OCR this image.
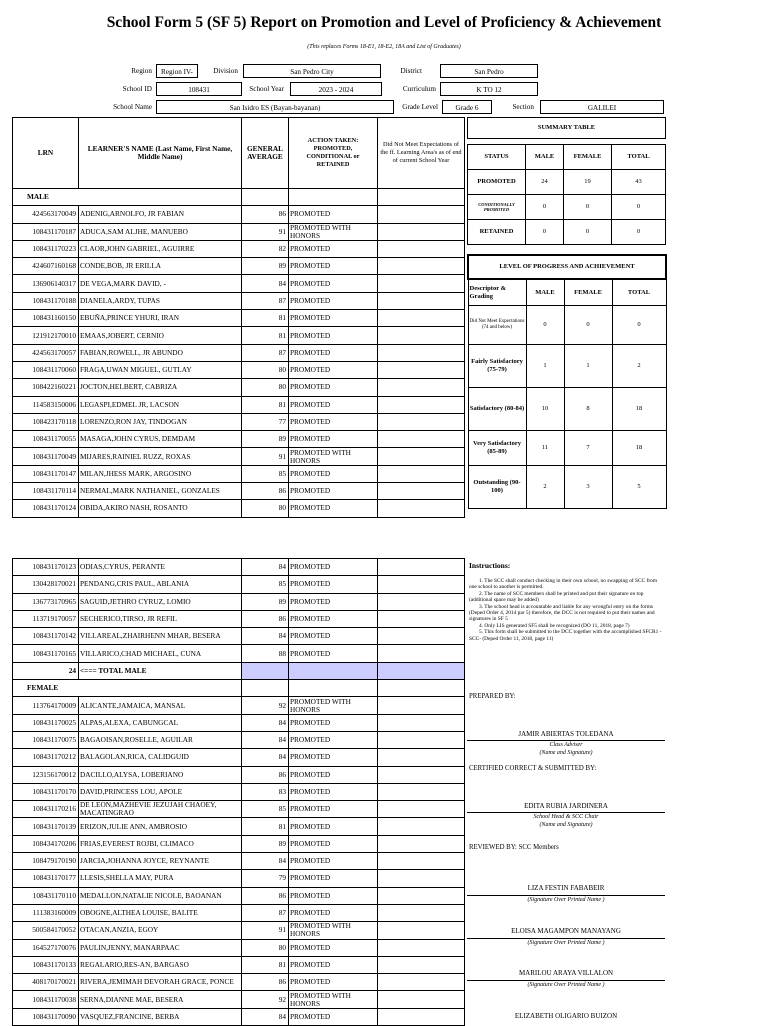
School Form 5 (SF 5) Report on Promotion and Level of Proficiency & Achievement
(This replaces Forms 18-E1, 18-E2, 18A and List of Graduates)
Region	Region IV-	Division	San Pedro City	District	San Pedro
School ID	108431	School Year	2023 - 2024	Curriculum	K TO 12
School Name	San Isidro ES (Bayan-bayanan)	Grade Level	Grade 6	Section	GALILEI
LRN	LEARNER'S NAME (Last Name, First Name, Middle Name)	GENERAL AVERAGE	ACTION TAKEN: PROMOTED, CONDITIONAL or RETAINED	Did Not Meet Expectations of the ff. Learning Area/s as of end of current School Year
MALE				
424563170049	ADENIG,ARNOLFO, JR FABIAN	86	PROMOTED	
108431170187	ADUCA,SAM ALJHE, MANUEBO	91	PROMOTED WITH HONORS	
108431170223	CLAOR,JOHN GABRIEL, AGUIRRE	82	PROMOTED	
424607160168	CONDE,BOB, JR ERILLA	89	PROMOTED	
136906140317	DE VEGA,MARK DAVID, -	84	PROMOTED	
108431170188	DIANELA,ARDY, TUPAS	87	PROMOTED	
108431160150	EBUÑA,PRINCE YHURI, IRAN	81	PROMOTED	
121912170010	EMAAS,JOBERT, CERNIO	81	PROMOTED	
424563170057	FABIAN,ROWELL, JR ABUNDO	87	PROMOTED	
108431170060	FRAGA,UWAN MIGUEL, GUTLAY	80	PROMOTED	
108422160221	JOCTON,HELBERT, CABRIZA	80	PROMOTED	
114583150006	LEGASPI,EDMEL JR, LACSON	81	PROMOTED	
108423170118	LORENZO,RON JAY, TINDOGAN	77	PROMOTED	
108431170055	MASAGA,JOHN CYRUS, DEMDAM	89	PROMOTED	
108431170049	MIJARES,RAINIEL RUZZ, ROXAS	91	PROMOTED WITH HONORS	
108431170147	MILAN,JHESS MARK, ARGOSINO	85	PROMOTED	
108431170114	NERMAL,MARK NATHANIEL, GONZALES	86	PROMOTED	
108431170124	OBIDA,AKIRO NASH, ROSANTO	80	PROMOTED	
108431170123	ODIAS,CYRUS, PERANTE	84	PROMOTED	
130428170021	PENDANG,CRIS PAUL, ABLANIA	85	PROMOTED	
136773170965	SAGUID,JETHRO CYRUZ, LOMIO	89	PROMOTED	
113719170057	SECHERICO,TIRSO, JR REFIL	86	PROMOTED	
108431170142	VILLAREAL,ZHAIRHENN MHAR, BESERA	84	PROMOTED	
108431170165	VILLARICO,CHAD MICHAEL, CUNA	88	PROMOTED	
24	<=== TOTAL MALE			
FEMALE				
113764170009	ALICANTE,JAMAICA, MANSAL	92	PROMOTED WITH HONORS	
108431170025	ALPAS,ALEXA, CABUNGCAL	84	PROMOTED	
108431170075	BAGAOISAN,ROSELLE, AGUILAR	84	PROMOTED	
108431170212	BALAGOLAN,RICA, CALIDGUID	84	PROMOTED	
123156170012	DACILLO,ALYSA, LOBERIANO	86	PROMOTED	
108431170170	DAVID,PRINCESS LOU, APOLE	83	PROMOTED	
108431170216	DE LEON,MAZHEVIE JEZUJAH CHAOEY, MACATINGRAO	85	PROMOTED	
108431170139	ERIZON,JULIE ANN, AMBROSIO	81	PROMOTED	
108434170206	FRIAS,EVEREST ROJBI, CLIMACO	89	PROMOTED	
108479170190	JARCIA,JOHANNA JOYCE, REYNANTE	84	PROMOTED	
108431170177	LLESIS,SHELLA MAY, PURA	79	PROMOTED	
108431170110	MEDALLON,NATALIE NICOLE, BAOANAN	86	PROMOTED	
111383160009	OBOGNE,ALTHEA LOUISE, BALITE	87	PROMOTED	
500584170052	OTACAN,ANZIA, EGOY	91	PROMOTED WITH HONORS	
164527170076	PAULIN,JENNY, MANARPAAC	80	PROMOTED	
108431170133	REGALARIO,RES-AN, BARGASO	81	PROMOTED	
408170170021	RIVERA,JEMIMAH DEVORAH GRACE, PONCE	86	PROMOTED	
108431170038	SERNA,DIANNE MAE, BESERA	92	PROMOTED WITH HONORS	
108431170090	VASQUEZ,FRANCINE, BERBA	84	PROMOTED	
SUMMARY TABLE			

STATUS	MALE	FEMALE	TOTAL
PROMOTED	24	19	43
CONDITIONALLY PROMOTED	0	0	0
RETAINED	0	0	0
LEVEL OF PROGRESS AND ACHIEVEMENT			
Descriptor & Grading	MALE	FEMALE	TOTAL
Did Not Meet Expectations (74 and below)	0	0	0
Fairly Satisfactory (75-79)	1	1	2
Satisfactory (80-84)	10	8	18
Very Satisfactory (85-89)	11	7	18
Outstanding (90-100)	2	3	5
Instructions:
1. The SCC shall conduct checking in their own school, no swapping of SCC from one school to another is permitted.
2. The name of SCC members shall be printed and put their signature on top (additional space may be added)
3. The school head is accountable and liable for any wrongful entry on the forms (Deped Order 4, 2014 par 5) therefore, the DCC is not required to put their names and signatures in SF 5
4. Only LIS generated SF5 shall be recognized (DO 11, 2018, page 7)
5. This form shall be submitted to the DCC together with the accomplished SFCR1 - SCC- (Deped Order 11, 2018, page 11)
PREPARED BY:
JAMIR ABIERTAS TOLEDANA
Class Adviser
(Name and Signature)
CERTIFIED CORRECT & SUBMITTED BY:
EDITA RUBIA JARDINERA
School Head & SCC Chair
(Name and Signature)
REVIEWED BY: SCC Members
LIZA FESTIN FABABEIR
(Signature Over Printed Name )
ELOISA MAGAMPON MANAYANG
(Signature Over Printed Name )
MARILOU ARAYA VILLALON
(Signature Over Printed Name )
ELIZABETH OLIGARIO BUIZON
